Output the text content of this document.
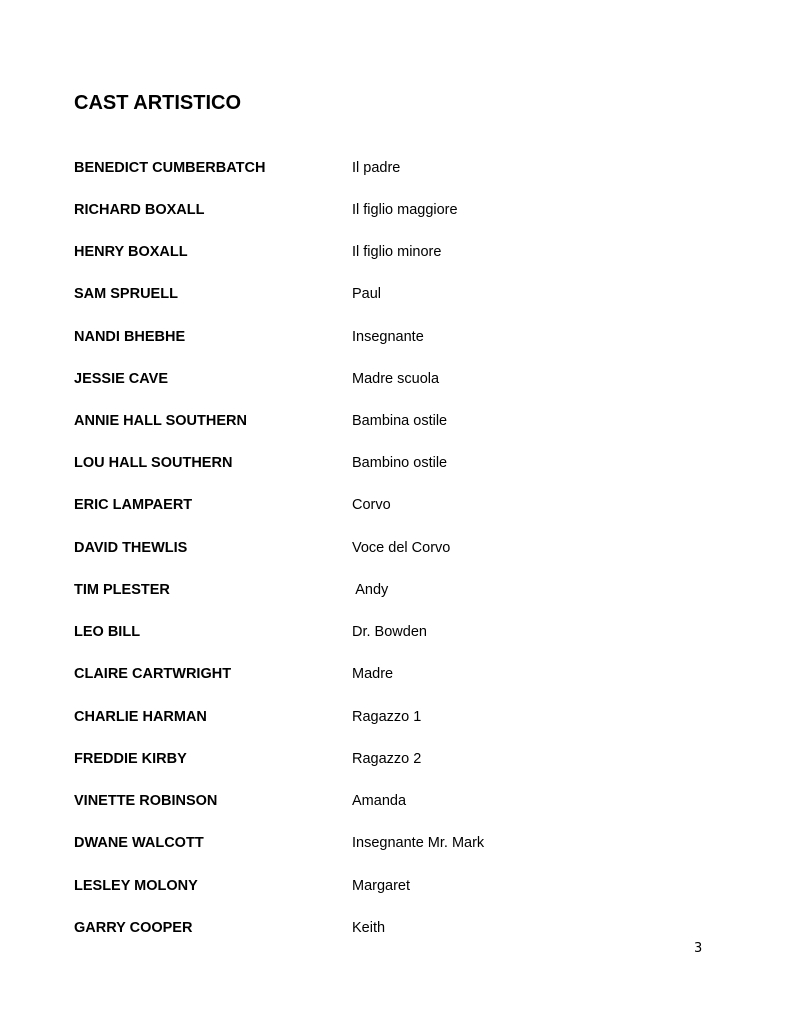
CAST ARTISTICO
BENEDICT CUMBERBATCH	Il padre
RICHARD BOXALL	Il figlio maggiore
HENRY BOXALL	Il figlio minore
SAM SPRUELL	Paul
NANDI BHEBHE	Insegnante
JESSIE CAVE	Madre scuola
ANNIE HALL SOUTHERN	Bambina ostile
LOU HALL SOUTHERN	Bambino ostile
ERIC LAMPAERT	Corvo
DAVID THEWLIS	Voce del Corvo
TIM PLESTER	Andy
LEO BILL	Dr. Bowden
CLAIRE CARTWRIGHT	Madre
CHARLIE HARMAN	Ragazzo 1
FREDDIE KIRBY	Ragazzo 2
VINETTE ROBINSON	Amanda
DWANE WALCOTT	Insegnante Mr. Mark
LESLEY MOLONY	Margaret
GARRY COOPER	Keith
3
